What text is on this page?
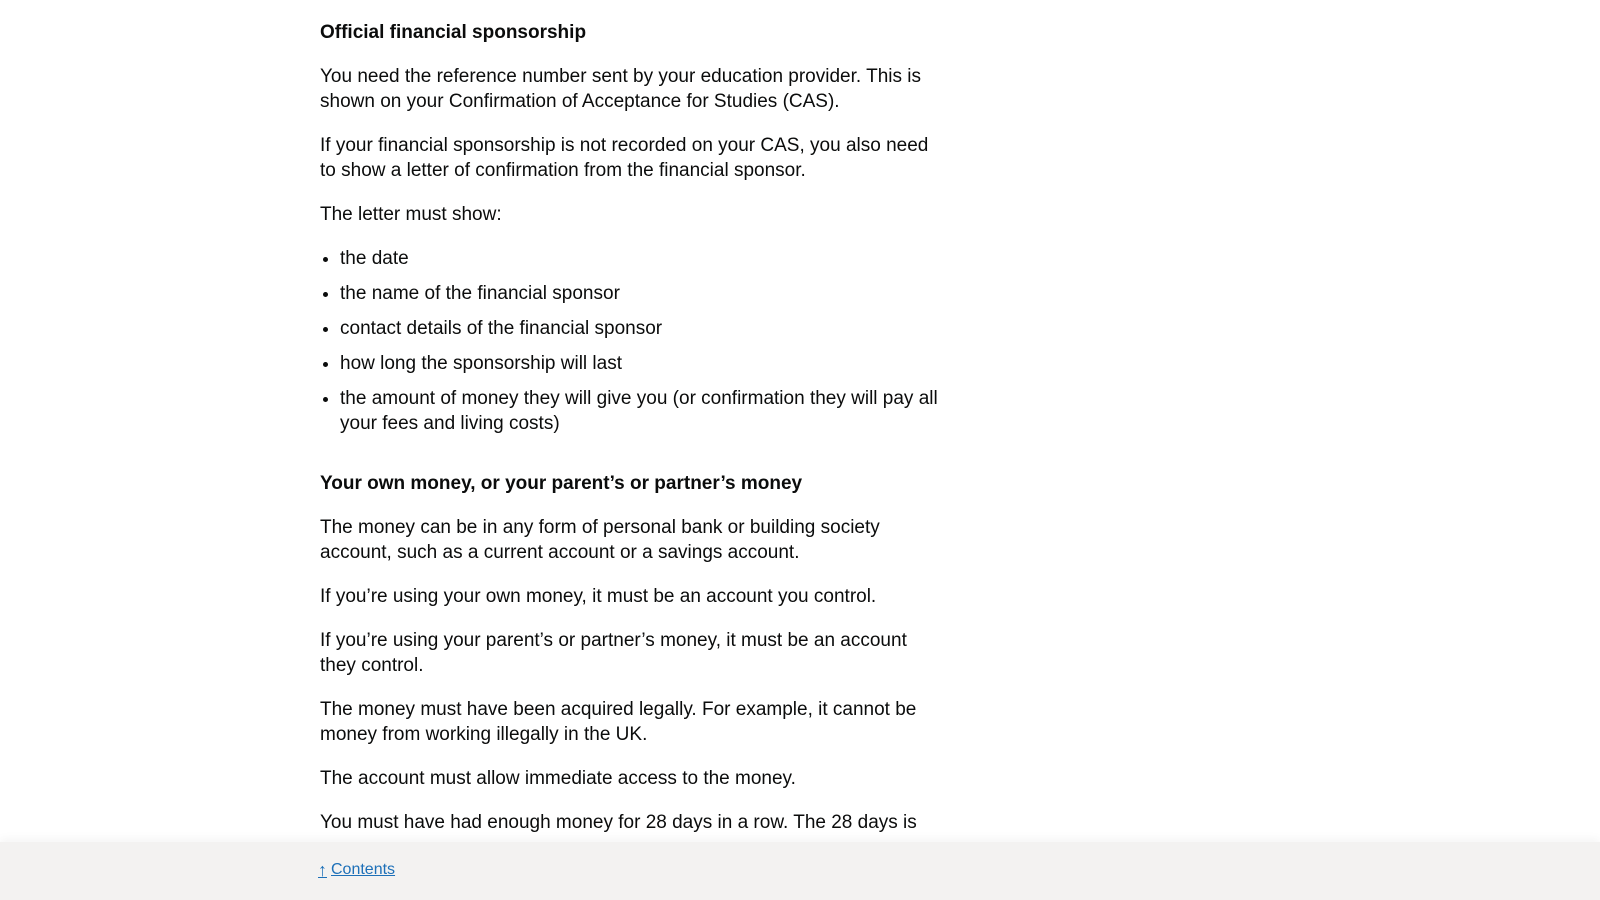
Official financial sponsorship

You need the reference number sent by your education provider. This is shown on your Confirmation of Acceptance for Studies (CAS).

If your financial sponsorship is not recorded on your CAS, you also need to show a letter of confirmation from the financial sponsor.

The letter must show:

• the date
• the name of the financial sponsor
• contact details of the financial sponsor
• how long the sponsorship will last
• the amount of money they will give you (or confirmation they will pay all your fees and living costs)
Your own money, or your parent’s or partner’s money

The money can be in any form of personal bank or building society account, such as a current account or a savings account.

If you’re using your own money, it must be an account you control.

If you’re using your parent’s or partner’s money, it must be an account they control.

The money must have been acquired legally. For example, it cannot be money from working illegally in the UK.

The account must allow immediate access to the money.

You must have had enough money for 28 days in a row. The 28 days is

↑ Contents
